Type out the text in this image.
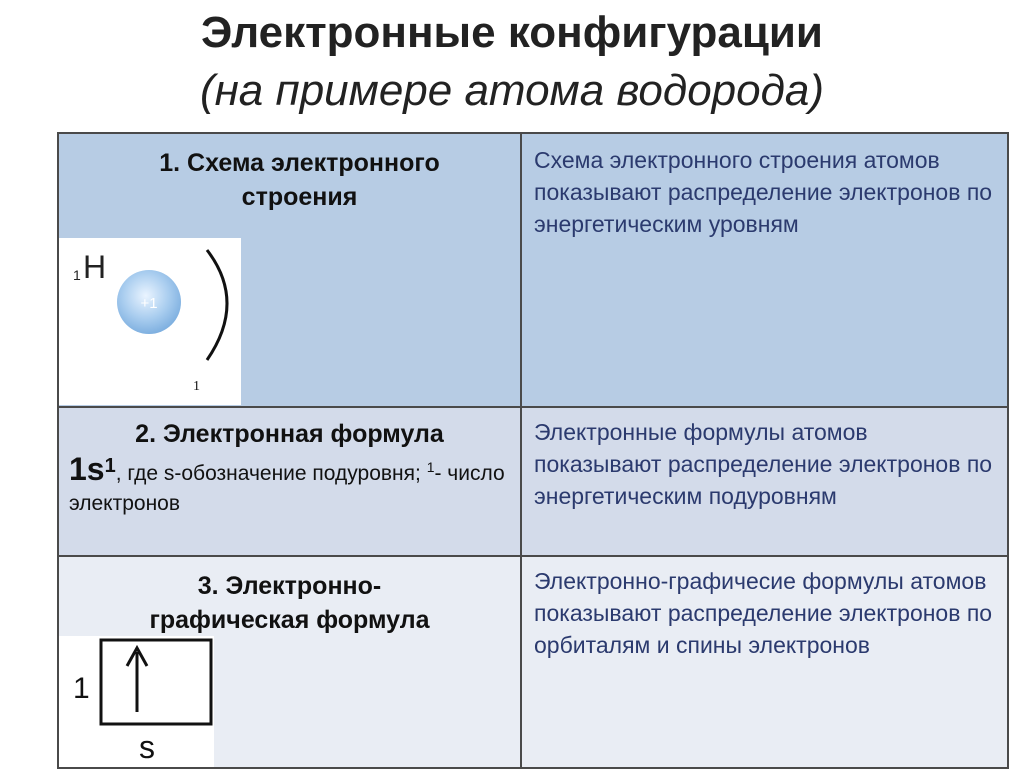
Электронные конфигурации
(на примере атома водорода)
1. Схема электронного строения
1 H
+1
1	Схема электронного строения атомов показывают распределение электронов по энергетическим уровням

2. Электронная формула
$1s^1$, где s-обозначение подуровня; $^1$- число электронов	Электронные формулы атомов показывают распределение электронов по энергетическим подуровням

3. Электронно-
графическая формула
1
s	Электронно-графичесие формулы атомов показывают распределение электронов по орбиталям и спины электронов
